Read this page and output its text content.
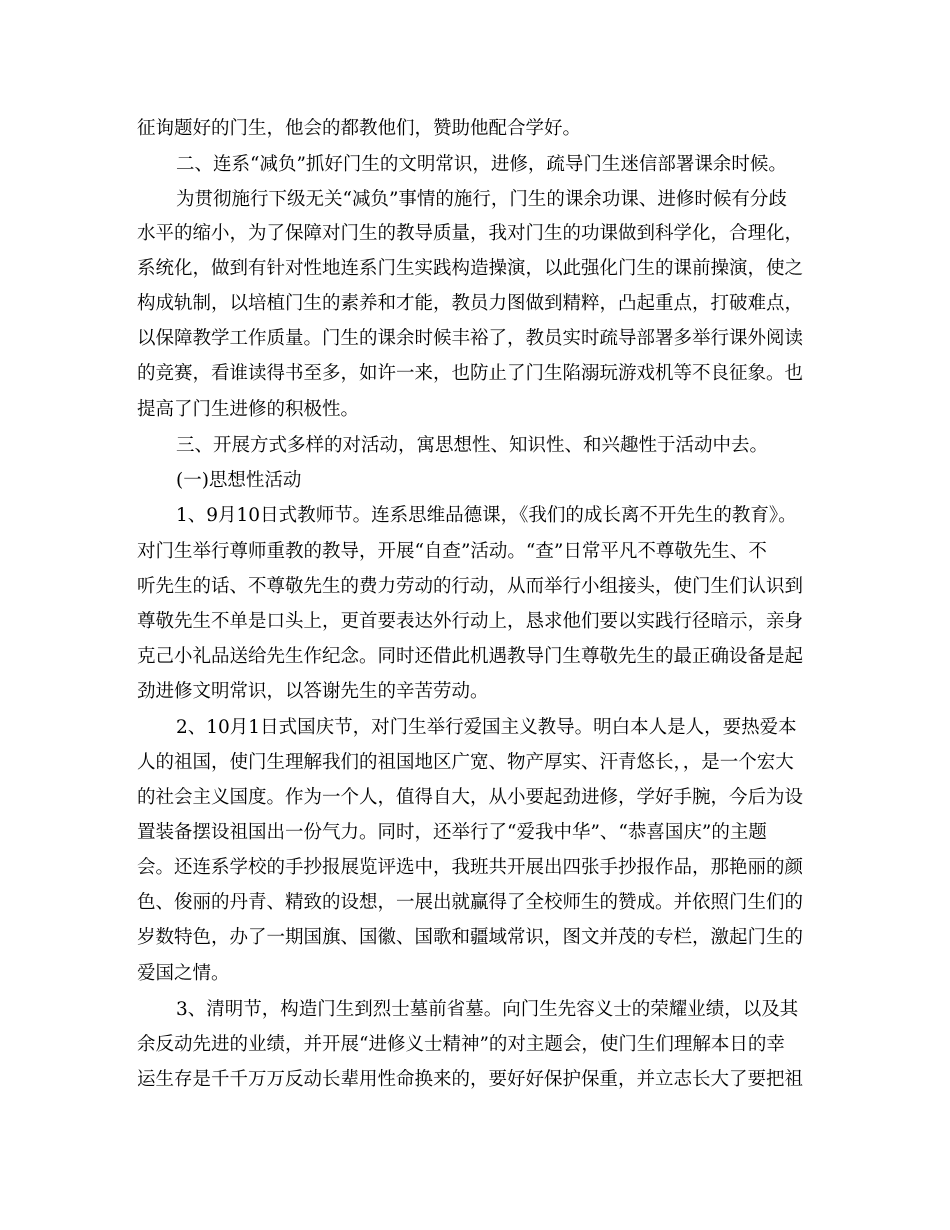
征询题好的门生，他会的都教他们，赞助他配合学好。
二、连系“减负”抓好门生的文明常识，进修，疏导门生迷信部署课余时候。
为贯彻施行下级无关“减负”事情的施行，门生的课余功课、进修时候有分歧
水平的缩小，为了保障对门生的教导质量，我对门生的功课做到科学化，合理化，
系统化，做到有针对性地连系门生实践构造操演，以此强化门生的课前操演，使之
构成轨制，以培植门生的素养和才能，教员力图做到精粹，凸起重点，打破难点，
以保障教学工作质量。门生的课余时候丰裕了，教员实时疏导部署多举行课外阅读
的竞赛，看谁读得书至多，如许一来，也防止了门生陷溺玩游戏机等不良征象。也
提高了门生进修的积极性。
三、开展方式多样的对活动，寓思想性、知识性、和兴趣性于活动中去。
(一)思想性活动
1、9月10日式教师节。连系思维品德课，《我们的成长离不开先生的教育》。
对门生举行尊师重教的教导，开展“自查”活动。“查”日常平凡不尊敬先生、不
听先生的话、不尊敬先生的费力劳动的行动，从而举行小组接头，使门生们认识到
尊敬先生不单是口头上，更首要表达外行动上，恳求他们要以实践行径暗示，亲身
克己小礼品送给先生作纪念。同时还借此机遇教导门生尊敬先生的最正确设备是起
劲进修文明常识，以答谢先生的辛苦劳动。
2、10月1日式国庆节，对门生举行爱国主义教导。明白本人是人，要热爱本
人的祖国，使门生理解我们的祖国地区广宽、物产厚实、汗青悠长，，是一个宏大
的社会主义国度。作为一个人，值得自大，从小要起劲进修，学好手腕，今后为设
置装备摆设祖国出一份气力。同时，还举行了“爱我中华”、“恭喜国庆”的主题
会。还连系学校的手抄报展览评选中，我班共开展出四张手抄报作品，那艳丽的颜
色、俊丽的丹青、精致的设想，一展出就赢得了全校师生的赞成。并依照门生们的
岁数特色，办了一期国旗、国徽、国歌和疆域常识，图文并茂的专栏，激起门生的
爱国之情。
3、清明节，构造门生到烈士墓前省墓。向门生先容义士的荣耀业绩，以及其
余反动先进的业绩，并开展“进修义士精神”的对主题会，使门生们理解本日的幸
运生存是千千万万反动长辈用性命换来的，要好好保护保重，并立志长大了要把祖
